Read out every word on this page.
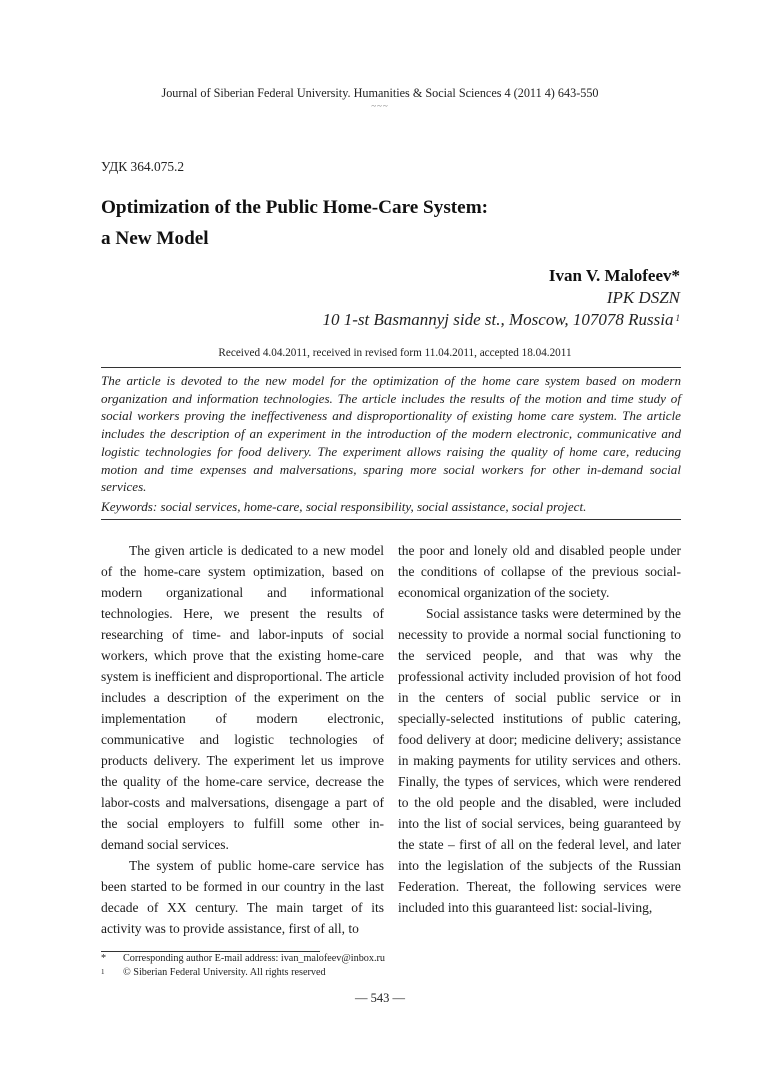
Journal of Siberian Federal University. Humanities & Social Sciences 4 (2011 4) 643-550
~~~
УДК 364.075.2
Optimization of the Public Home-Care System:
a New Model
Ivan V. Malofeev*
IPK DSZN
10 1-st Basmannyj side st., Moscow, 107078 Russia $^1$
Received 4.04.2011, received in revised form 11.04.2011, accepted 18.04.2011
The article is devoted to the new model for the optimization of the home care system based on modern organization and information technologies. The article includes the results of the motion and time study of social workers proving the ineffectiveness and disproportionality of existing home care system. The article includes the description of an experiment in the introduction of the modern electronic, communicative and logistic technologies for food delivery. The experiment allows raising the quality of home care, reducing motion and time expenses and malversations, sparing more social workers for other in-demand social services.
Keywords: social services, home-care, social responsibility, social assistance, social project.

The given article is dedicated to a new model of the home-care system optimization, based on modern organizational and informational technologies. Here, we present the results of researching of time- and labor-inputs of social workers, which prove that the existing home-care system is inefficient and disproportional. The article includes a description of the experiment on the implementation of modern electronic, communicative and logistic technologies of products delivery. The experiment let us improve the quality of the home-care service, decrease the labor-costs and malversations, disengage a part of the social employers to fulfill some other in-demand social services.

The system of public home-care service has been started to be formed in our country in the last decade of XX century. The main target of its activity was to provide assistance, first of all, to

the poor and lonely old and disabled people under the conditions of collapse of the previous social-economical organization of the society.

Social assistance tasks were determined by the necessity to provide a normal social functioning to the serviced people, and that was why the professional activity included provision of hot food in the centers of social public service or in specially-selected institutions of public catering, food delivery at door; medicine delivery; assistance in making payments for utility services and others. Finally, the types of services, which were rendered to the old people and the disabled, were included into the list of social services, being guaranteed by the state – first of all on the federal level, and later into the legislation of the subjects of the Russian Federation. Thereat, the following services were included into this guaranteed list: social-living,

*	Corresponding author E-mail address: ivan_malofeev@inbox.ru
1	© Siberian Federal University. All rights reserved
— 543 —
